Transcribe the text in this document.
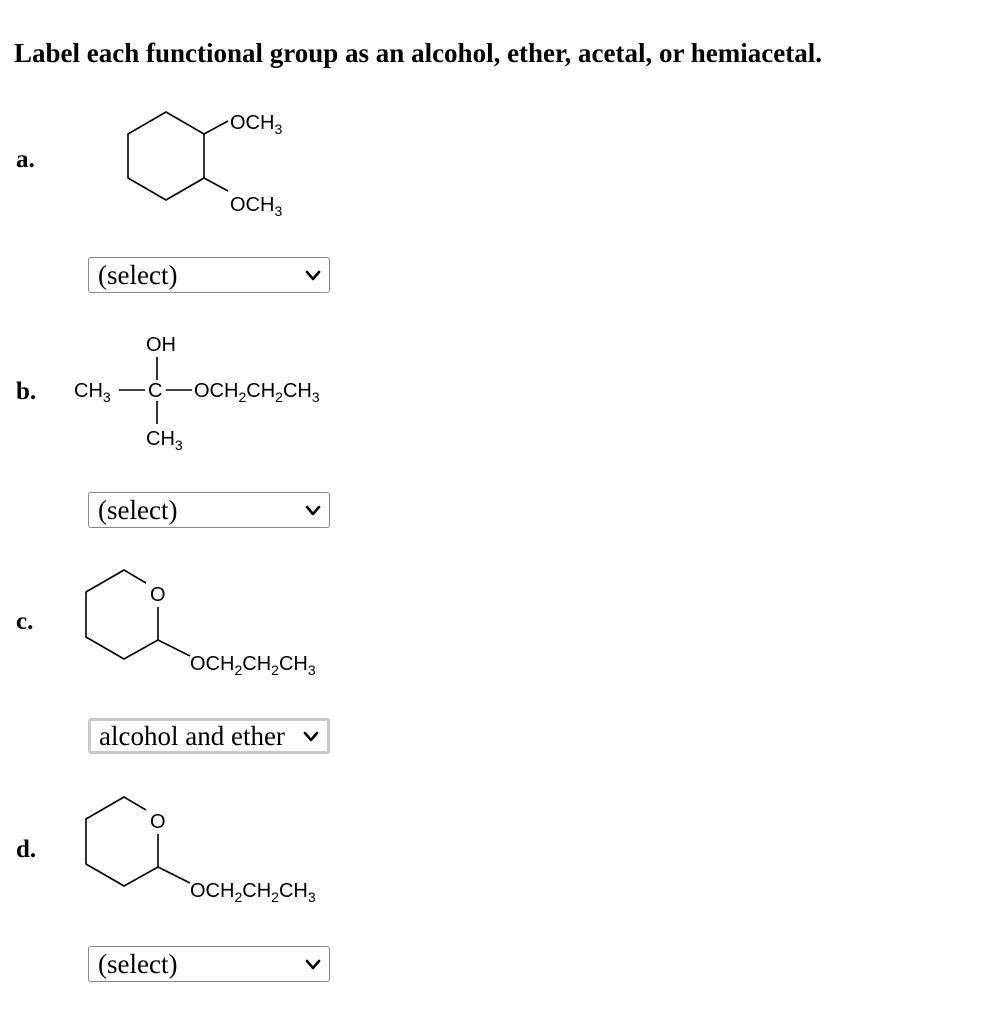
Label each functional group as an alcohol, ether, acetal, or hemiacetal.
a.
$OCH_3$
$OCH_3$
(select)
b.
OH
$CH_3$ C $OCH_2CH_2CH_3$
$CH_3$
(select)
c.
O
$OCH_2CH_2CH_3$
alcohol and ether
d.
O
$OCH_2CH_2CH_3$
(select)
